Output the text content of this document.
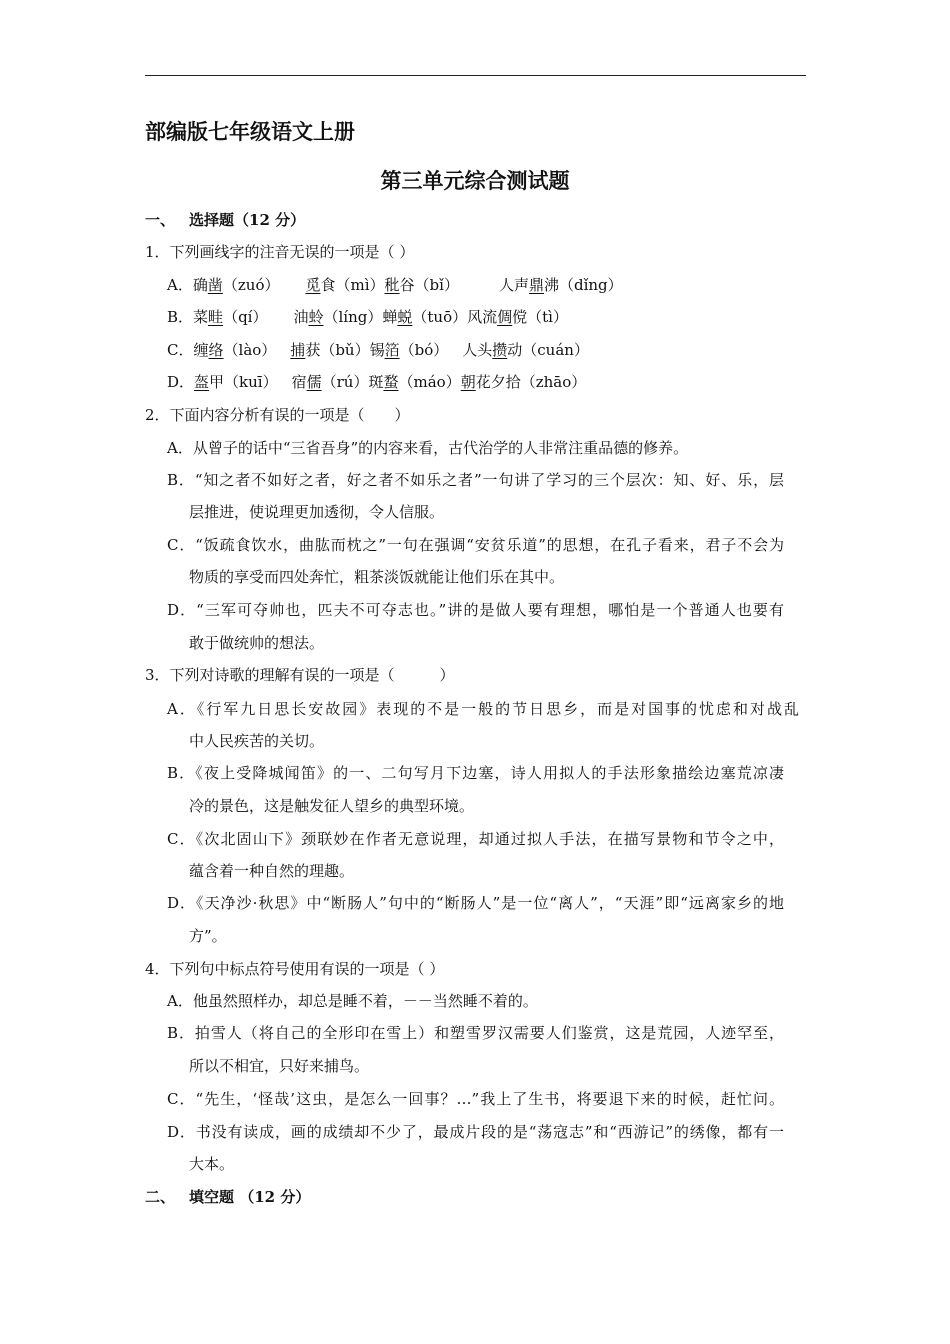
部编版七年级语文上册
第三单元综合测试题
一、 选择题（12 分）
1．下列画线字的注音无误的一项是（ ）
A．确凿（zuó） 觅食（mì）秕谷（bǐ）	人声鼎沸（dǐng）
B．菜畦（qí） 油蛉（líng）蝉蜕（tuō）风流倜傥（tì）
C．缠络（lào） 捕获（bǔ）锡箔（bó） 人头攒动（cuán）
D．盔甲（kuī） 宿儒（rú）斑蝥（máo）朝花夕拾（zhāo）
2．下面内容分析有误的一项是（　　）
A．从曾子的话中“三省吾身”的内容来看，古代治学的人非常注重品德的修养。
B．“知之者不如好之者，好之者不如乐之者”一句讲了学习的三个层次：知、好、乐，层
层推进，使说理更加透彻，令人信服。
C．“饭疏食饮水，曲肱而枕之”一句在强调“安贫乐道”的思想，在孔子看来，君子不会为
物质的享受而四处奔忙，粗茶淡饭就能让他们乐在其中。
D．“三军可夺帅也，匹夫不可夺志也。”讲的是做人要有理想，哪怕是一个普通人也要有
敢于做统帅的想法。
3．下列对诗歌的理解有误的一项是（　　　）
A．《行军九日思长安故园》表现的不是一般的节日思乡，而是对国事的忧虑和对战乱
中人民疾苦的关切。
B．《夜上受降城闻笛》的一、二句写月下边塞，诗人用拟人的手法形象描绘边塞荒凉凄
冷的景色，这是触发征人望乡的典型环境。
C．《次北固山下》颈联妙在作者无意说理，却通过拟人手法，在描写景物和节令之中，
蕴含着一种自然的理趣。
D．《天净沙·秋思》中“断肠人”句中的“断肠人”是一位“离人”，“天涯”即“远离家乡的地
方”。
4．下列句中标点符号使用有误的一项是（ ）
A．他虽然照样办，却总是睡不着，－－当然睡不着的。
B．拍雪人（将自己的全形印在雪上）和塑雪罗汉需要人们鉴赏，这是荒园，人迹罕至，
所以不相宜，只好来捕鸟。
C．“先生，‘怪哉’这虫，是怎么一回事？…”我上了生书，将要退下来的时候，赶忙问。
D．书没有读成，画的成绩却不少了，最成片段的是“荡寇志”和“西游记”的绣像，都有一
大本。
二、 填空题 （12 分）
